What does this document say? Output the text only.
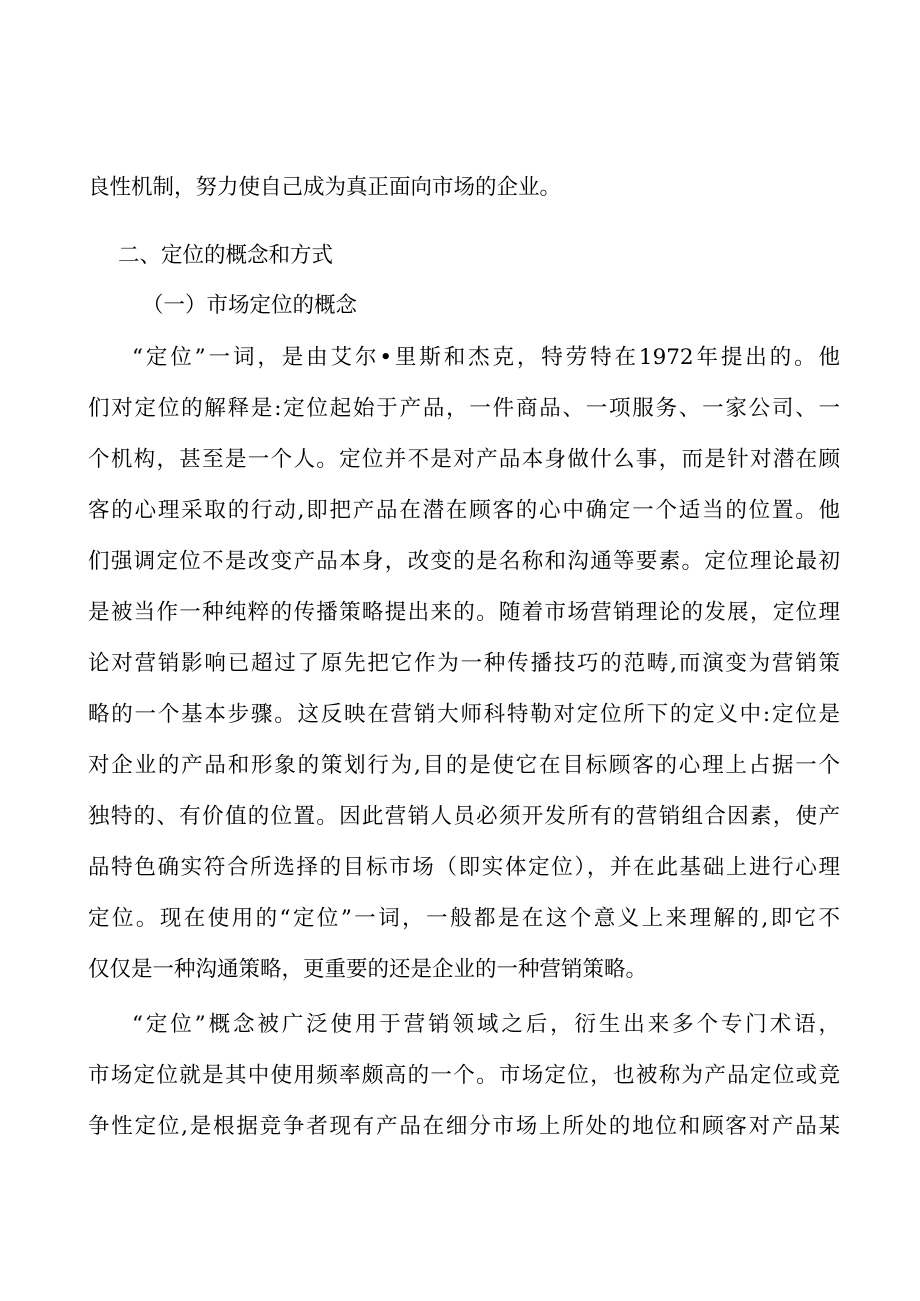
良性机制，努力使自己成为真正面向市场的企业。
二、定位的概念和方式
（一）市场定位的概念
“定位”一词，是由艾尔•里斯和杰克，特劳特在1972年提出的。他
们对定位的解释是:定位起始于产品，一件商品、一项服务、一家公司、一
个机构，甚至是一个人。定位并不是对产品本身做什么事，而是针对潜在顾
客的心理采取的行动,即把产品在潜在顾客的心中确定一个适当的位置。他
们强调定位不是改变产品本身，改变的是名称和沟通等要素。定位理论最初
是被当作一种纯粹的传播策略提出来的。随着市场营销理论的发展，定位理
论对营销影响已超过了原先把它作为一种传播技巧的范畴,而演变为营销策
略的一个基本步骤。这反映在营销大师科特勒对定位所下的定义中:定位是
对企业的产品和形象的策划行为,目的是使它在目标顾客的心理上占据一个
独特的、有价值的位置。因此营销人员必须开发所有的营销组合因素，使产
品特色确实符合所选择的目标市场（即实体定位），并在此基础上进行心理
定位。现在使用的“定位”一词，一般都是在这个意义上来理解的,即它不
仅仅是一种沟通策略，更重要的还是企业的一种营销策略。
“定位”概念被广泛使用于营销领域之后，衍生出来多个专门术语，
市场定位就是其中使用频率颇高的一个。市场定位，也被称为产品定位或竞
争性定位,是根据竞争者现有产品在细分市场上所处的地位和顾客对产品某
